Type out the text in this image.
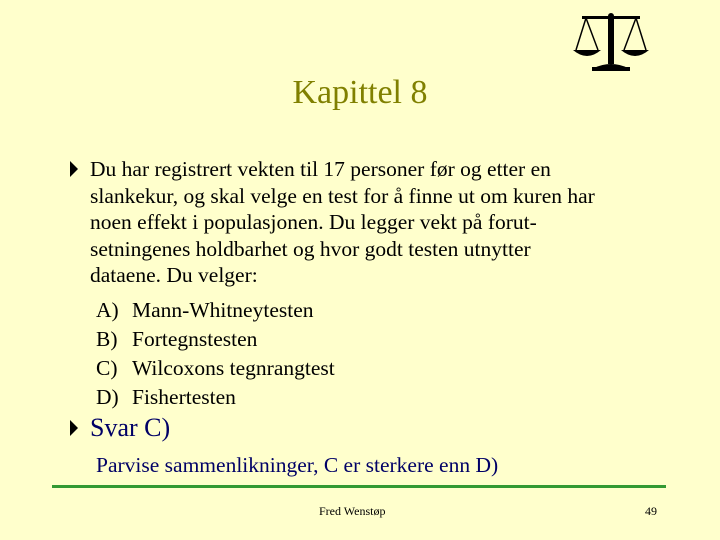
Kapittel 8
Du har registrert vekten til 17 personer før og etter en
slankekur, og skal velge en test for å finne ut om kuren har
noen effekt i populasjonen. Du legger vekt på forut-
setningenes holdbarhet og hvor godt testen utnytter
dataene. Du velger:
A) Mann-Whitneytesten
B) Fortegnstesten
C) Wilcoxons tegnrangtest
D) Fishertesten
Svar C)
Parvise sammenlikninger, C er sterkere enn D)
Fred Wenstøp	49
